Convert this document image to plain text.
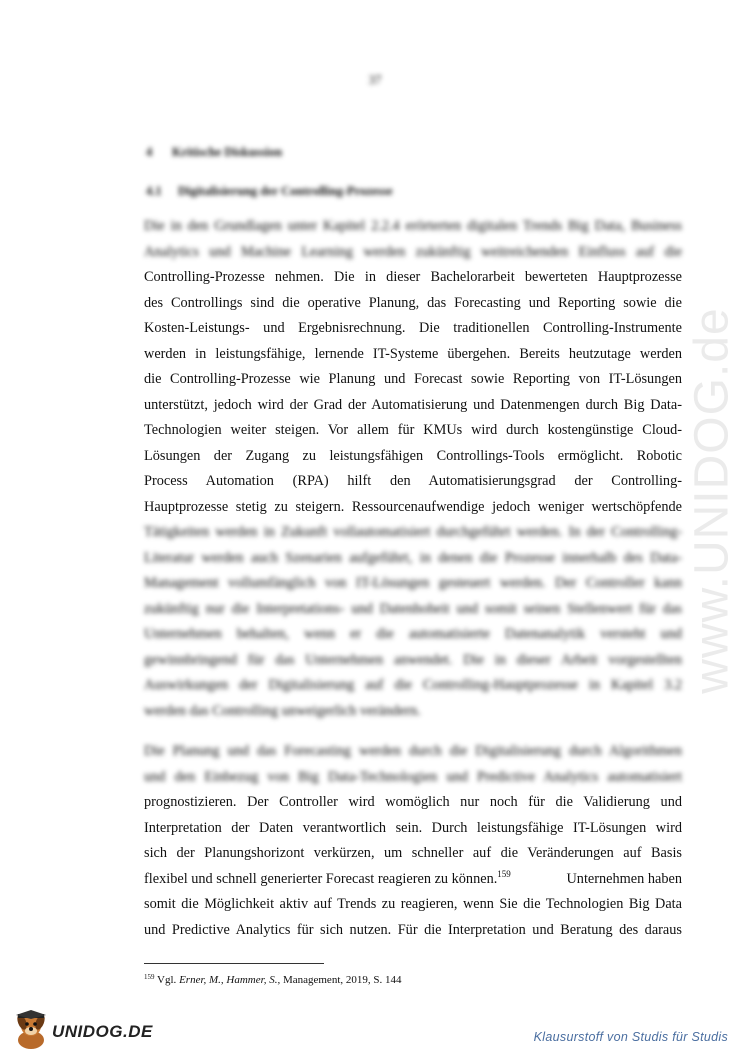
37
www.UNIDOG.de
4 Kritische Diskussion
4.1 Digitalisierung der Controlling-Prozesse
Die in den Grundlagen unter Kapitel 2.2.4 erörterten digitalen Trends Big Data, Business
Analytics und Machine Learning werden zukünftig weitreichenden Einfluss auf die
Controlling-Prozesse nehmen. Die in dieser Bachelorarbeit bewerteten Hauptprozesse
des Controllings sind die operative Planung, das Forecasting und Reporting sowie die
Kosten-Leistungs- und Ergebnisrechnung. Die traditionellen Controlling-Instrumente
werden in leistungsfähige, lernende IT-Systeme übergehen. Bereits heutzutage werden
die Controlling-Prozesse wie Planung und Forecast sowie Reporting von IT-Lösungen
unterstützt, jedoch wird der Grad der Automatisierung und Datenmengen durch Big Data-
Technologien weiter steigen. Vor allem für KMUs wird durch kostengünstige Cloud-
Lösungen der Zugang zu leistungsfähigen Controllings-Tools ermöglicht. Robotic
Process Automation (RPA) hilft den Automatisierungsgrad der Controlling-
Hauptprozesse stetig zu steigern. Ressourcenaufwendige jedoch weniger wertschöpfende
Tätigkeiten werden in Zukunft vollautomatisiert durchgeführt werden. In der Controlling-
Literatur werden auch Szenarien aufgeführt, in denen die Prozesse innerhalb des Data-
Management vollumfänglich von IT-Lösungen gesteuert werden. Der Controller kann
zukünftig nur die Interpretations- und Datenhoheit und somit seinen Stellenwert für das
Unternehmen behalten, wenn er die automatisierte Datenanalytik versteht und
gewinnbringend für das Unternehmen anwendet. Die in dieser Arbeit vorgestellten
Auswirkungen der Digitalisierung auf die Controlling-Hauptprozesse in Kapitel 3.2
werden das Controlling unweigerlich verändern.
Die Planung und das Forecasting werden durch die Digitalisierung durch Algorithmen
und den Einbezug von Big Data-Technologien und Predictive Analytics automatisiert
prognostizieren. Der Controller wird womöglich nur noch für die Validierung und
Interpretation der Daten verantwortlich sein. Durch leistungsfähige IT-Lösungen wird
sich der Planungshorizont verkürzen, um schneller auf die Veränderungen auf Basis
flexibel und schnell generierter Forecast reagieren zu können.$^{159}$	Unternehmen haben
somit die Möglichkeit aktiv auf Trends zu reagieren, wenn Sie die Technologien Big Data
und Predictive Analytics für sich nutzen. Für die Interpretation und Beratung des daraus
$^{159}$ Vgl. Erner, M., Hammer, S., Management, 2019, S. 144
UNIDOG.DE	Klausurstoff von Studis für Studis
